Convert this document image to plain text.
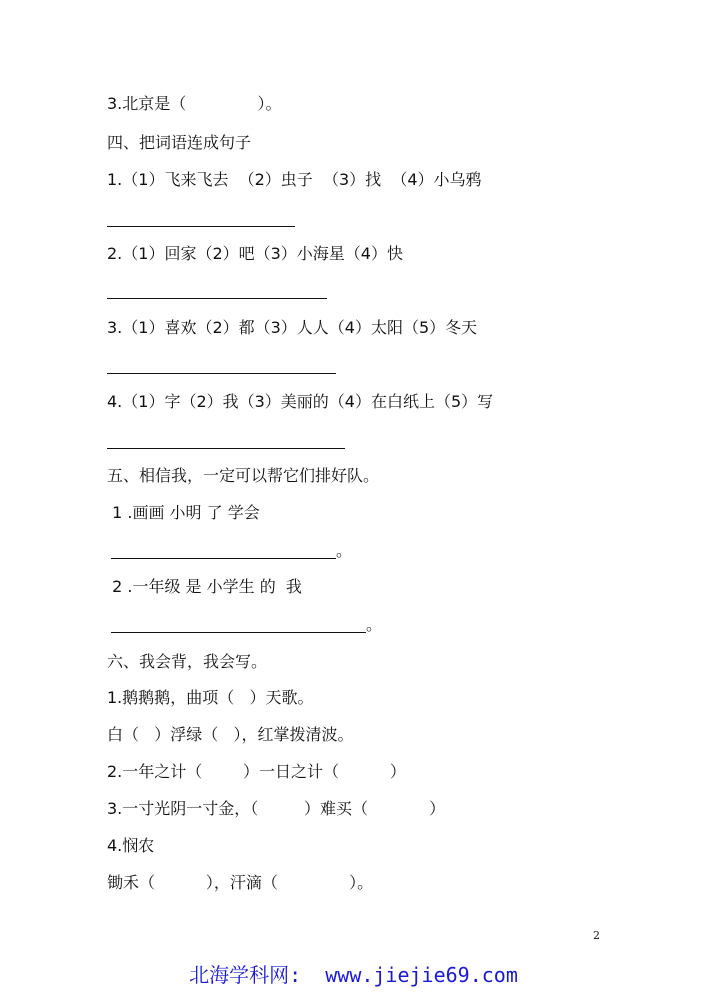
3.北京是（              ）。
四、把词语连成句子
1.（1）飞来飞去  （2）虫子  （3）找  （4）小乌鸦
2.（1）回家（2）吧（3）小海星（4）快
3.（1）喜欢（2）都（3）人人（4）太阳（5）冬天
4.（1）字（2）我（3）美丽的（4）在白纸上（5）写
五、相信我，一定可以帮它们排好队。
1 .画画 小明 了 学会
。
2 .一年级 是 小学生 的  我
。
六、我会背，我会写。
1.鹅鹅鹅，曲项（   ）天歌。
白（   ）浮绿（   ），红掌拨清波。
2.一年之计（        ）一日之计（          ）
3.一寸光阴一寸金，（         ）难买（            ）
4.悯农
锄禾（          ），汗滴（              ）。
2
北海学科网:  www.jiejie69.com
